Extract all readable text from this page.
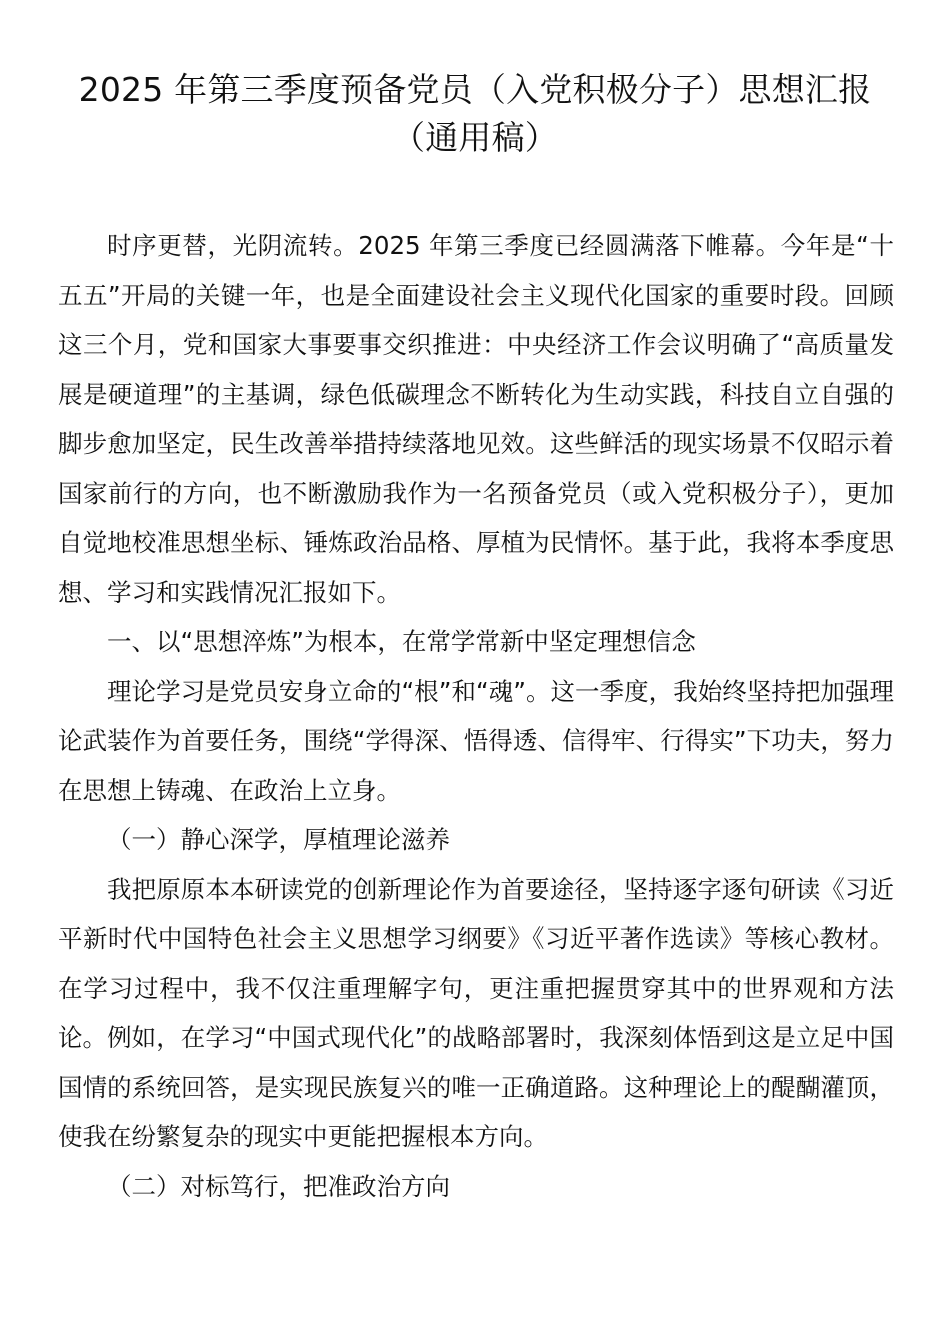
2025 年第三季度预备党员（入党积极分子）思想汇报
（通用稿）

时序更替，光阴流转。2025 年第三季度已经圆满落下帷幕。今年是“十五五”开局的关键一年，也是全面建设社会主义现代化国家的重要时段。回顾这三个月，党和国家大事要事交织推进：中央经济工作会议明确了“高质量发展是硬道理”的主基调，绿色低碳理念不断转化为生动实践，科技自立自强的脚步愈加坚定，民生改善举措持续落地见效。这些鲜活的现实场景不仅昭示着国家前行的方向，也不断激励我作为一名预备党员（或入党积极分子），更加自觉地校准思想坐标、锤炼政治品格、厚植为民情怀。基于此，我将本季度思想、学习和实践情况汇报如下。

一、以“思想淬炼”为根本，在常学常新中坚定理想信念

理论学习是党员安身立命的“根”和“魂”。这一季度，我始终坚持把加强理论武装作为首要任务，围绕“学得深、悟得透、信得牢、行得实”下功夫，努力在思想上铸魂、在政治上立身。

（一）静心深学，厚植理论滋养

我把原原本本研读党的创新理论作为首要途径，坚持逐字逐句研读《习近平新时代中国特色社会主义思想学习纲要》《习近平著作选读》等核心教材。在学习过程中，我不仅注重理解字句，更注重把握贯穿其中的世界观和方法论。例如，在学习“中国式现代化”的战略部署时，我深刻体悟到这是立足中国国情的系统回答，是实现民族复兴的唯一正确道路。这种理论上的醍醐灌顶，使我在纷繁复杂的现实中更能把握根本方向。

（二）对标笃行，把准政治方向
